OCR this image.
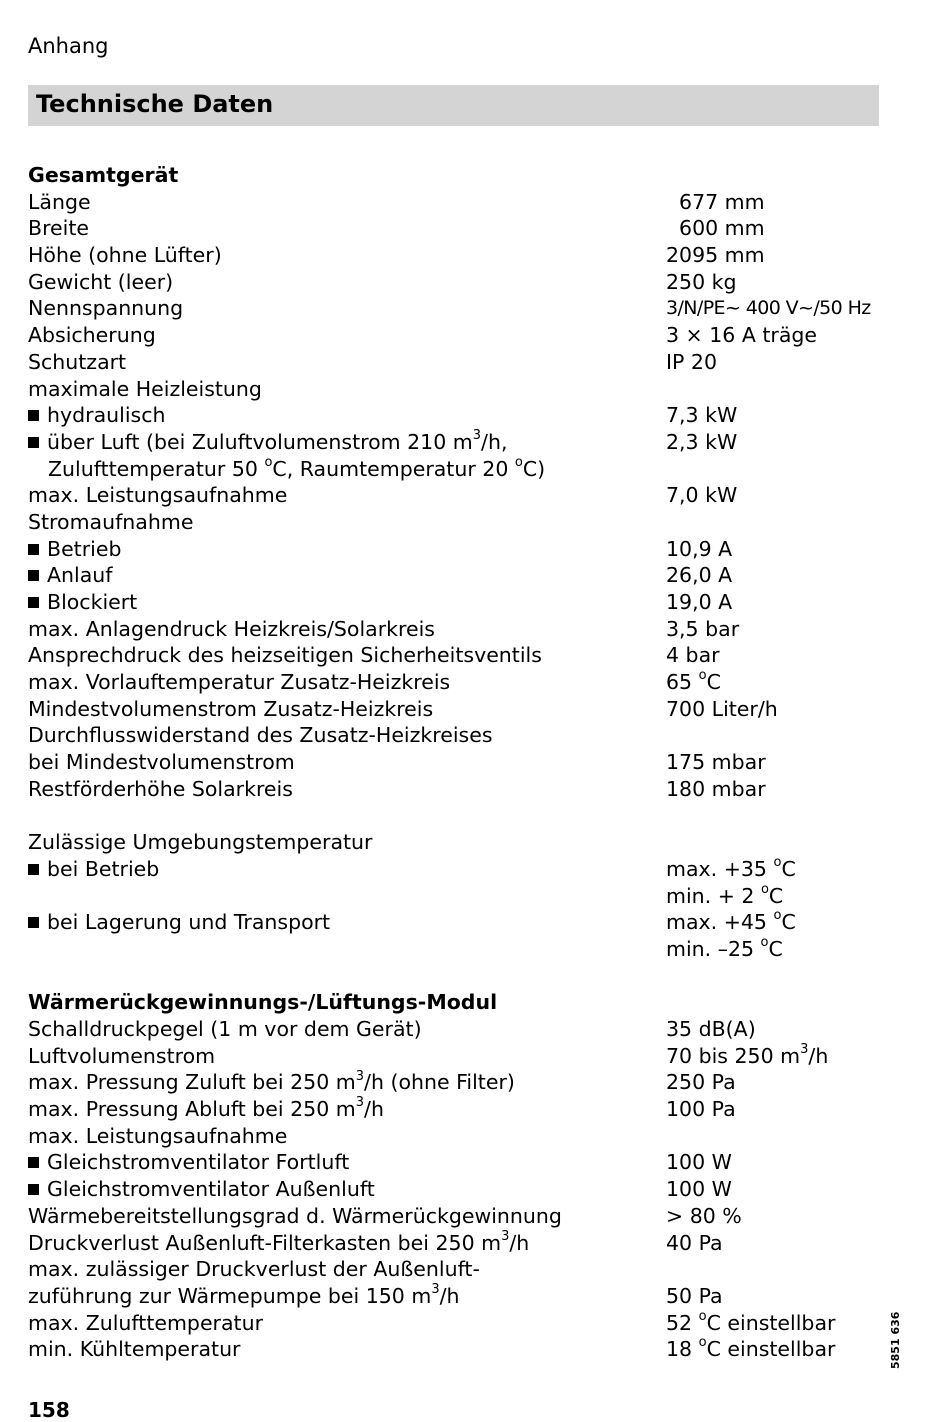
Anhang
Technische Daten
Gesamtgerät
Länge	 677 mm
Breite	 600 mm
Höhe (ohne Lüfter)	2095 mm
Gewicht (leer)	250 kg
Nennspannung	3/N/PE~ 400 V~/50 Hz
Absicherung	3 × 16 A träge
Schutzart	IP 20
maximale Heizleistung
hydraulisch	7,3 kW
über Luft (bei Zuluftvolumenstrom 210 $m^3/h$,	2,3 kW
Zulufttemperatur 50 $^o$C, Raumtemperatur 20 $^o$C)
max. Leistungsaufnahme	7,0 kW
Stromaufnahme
Betrieb	10,9 A
Anlauf	26,0 A
Blockiert	19,0 A
max. Anlagendruck Heizkreis/Solarkreis	3,5 bar
Ansprechdruck des heizseitigen Sicherheitsventils	4 bar
max. Vorlauftemperatur Zusatz-Heizkreis	65 $^o$C
Mindestvolumenstrom Zusatz-Heizkreis	700 Liter/h
Durchflusswiderstand des Zusatz-Heizkreises
bei Mindestvolumenstrom	175 mbar
Restförderhöhe Solarkreis	180 mbar
Zulässige Umgebungstemperatur
bei Betrieb	max. +35 $^o$C
min. + 2 $^o$C
bei Lagerung und Transport	max. +45 $^o$C
min. –25 $^o$C
Wärmerückgewinnungs-/Lüftungs-Modul
Schalldruckpegel (1 m vor dem Gerät)	35 dB(A)
Luftvolumenstrom	70 bis 250 $m^3/h$
max. Pressung Zuluft bei 250 $m^3/h$ (ohne Filter)	250 Pa
max. Pressung Abluft bei 250 $m^3/h$	100 Pa
max. Leistungsaufnahme
Gleichstromventilator Fortluft	100 W
Gleichstromventilator Außenluft	100 W
Wärmebereitstellungsgrad d. Wärmerückgewinnung	> 80 %
Druckverlust Außenluft-Filterkasten bei 250 $m^3/h$	40 Pa
max. zulässiger Druckverlust der Außenluft-
zuführung zur Wärmepumpe bei 150 $m^3/h$	50 Pa
max. Zulufttemperatur	52 $^o$C einstellbar
min. Kühltemperatur	18 $^o$C einstellbar	5851 636
158
